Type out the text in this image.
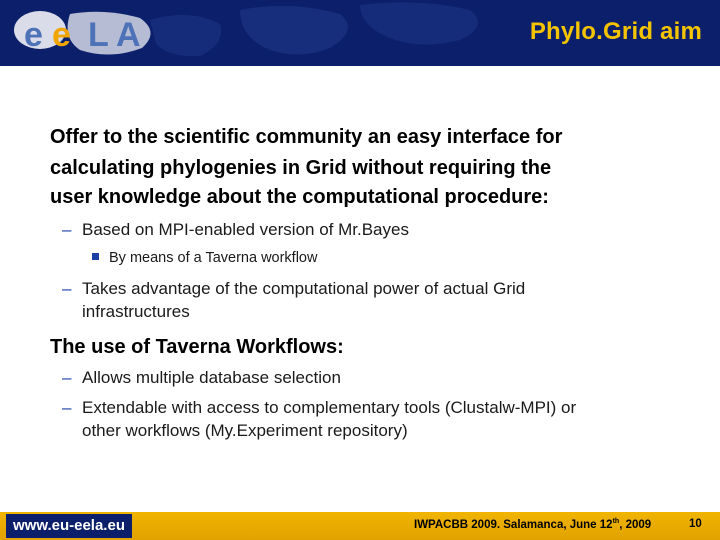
e e L A	Phylo.Grid aim
Offer to the scientific community an easy interface for
calculating phylogenies in Grid without requiring the
user knowledge about the computational procedure:
– Based on MPI-enabled version of Mr.Bayes
By means of a Taverna workflow
– Takes advantage of the computational power of actual Grid
infrastructures
The use of Taverna Workflows:
– Allows multiple database selection
– Extendable with access to complementary tools (Clustalw-MPI) or
other workflows (My.Experiment repository)
www.eu-eela.eu	IWPACBB 2009. Salamanca, June 12th, 2009	10
